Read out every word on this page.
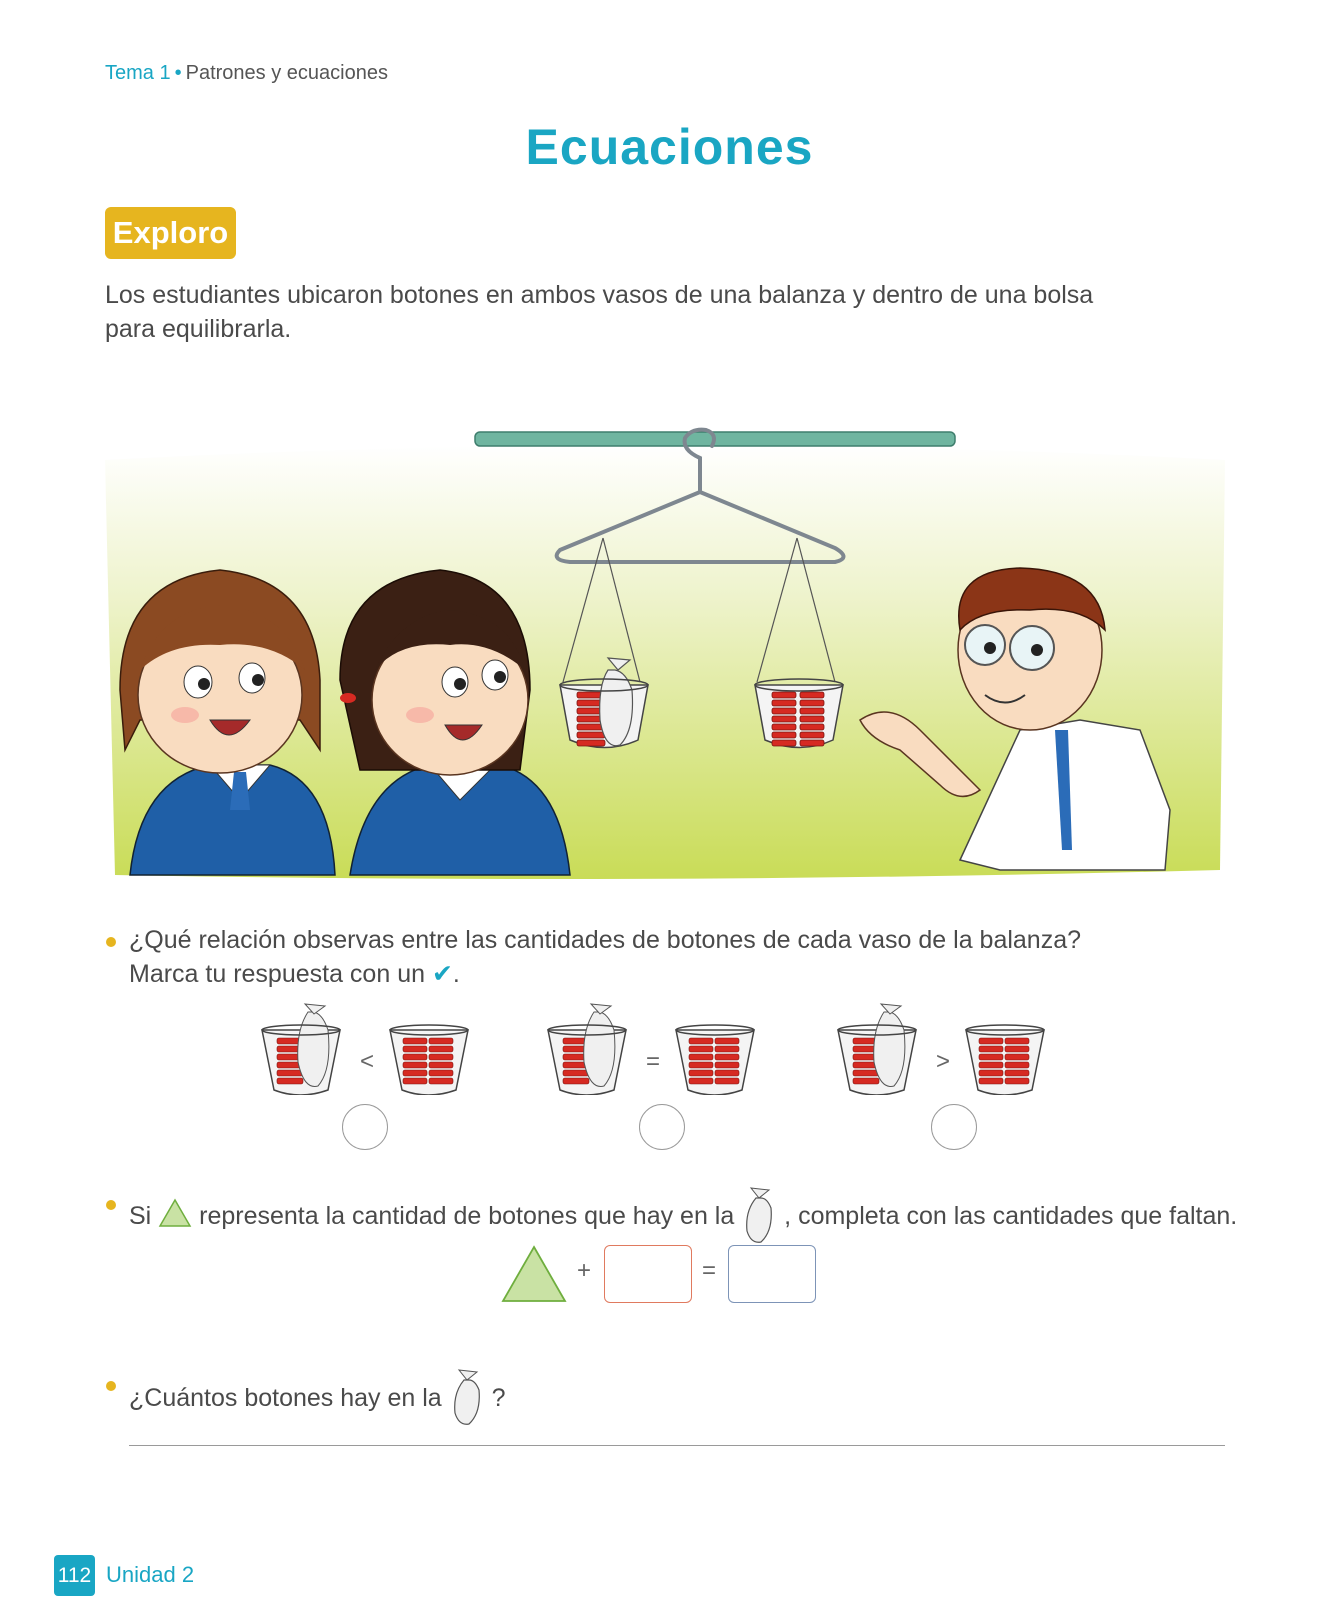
Tema 1 • Patrones y ecuaciones
Ecuaciones
Exploro
Los estudiantes ubicaron botones en ambos vasos de una balanza y dentro de una bolsa para equilibrarla.
¿Qué relación observas entre las cantidades de botones de cada vaso de la balanza? Marca tu respuesta con un ✔.
<	=	>
Si representa la cantidad de botones que hay en la , completa con las cantidades que faltan.
+	=
¿Cuántos botones hay en la ?
112 Unidad 2
